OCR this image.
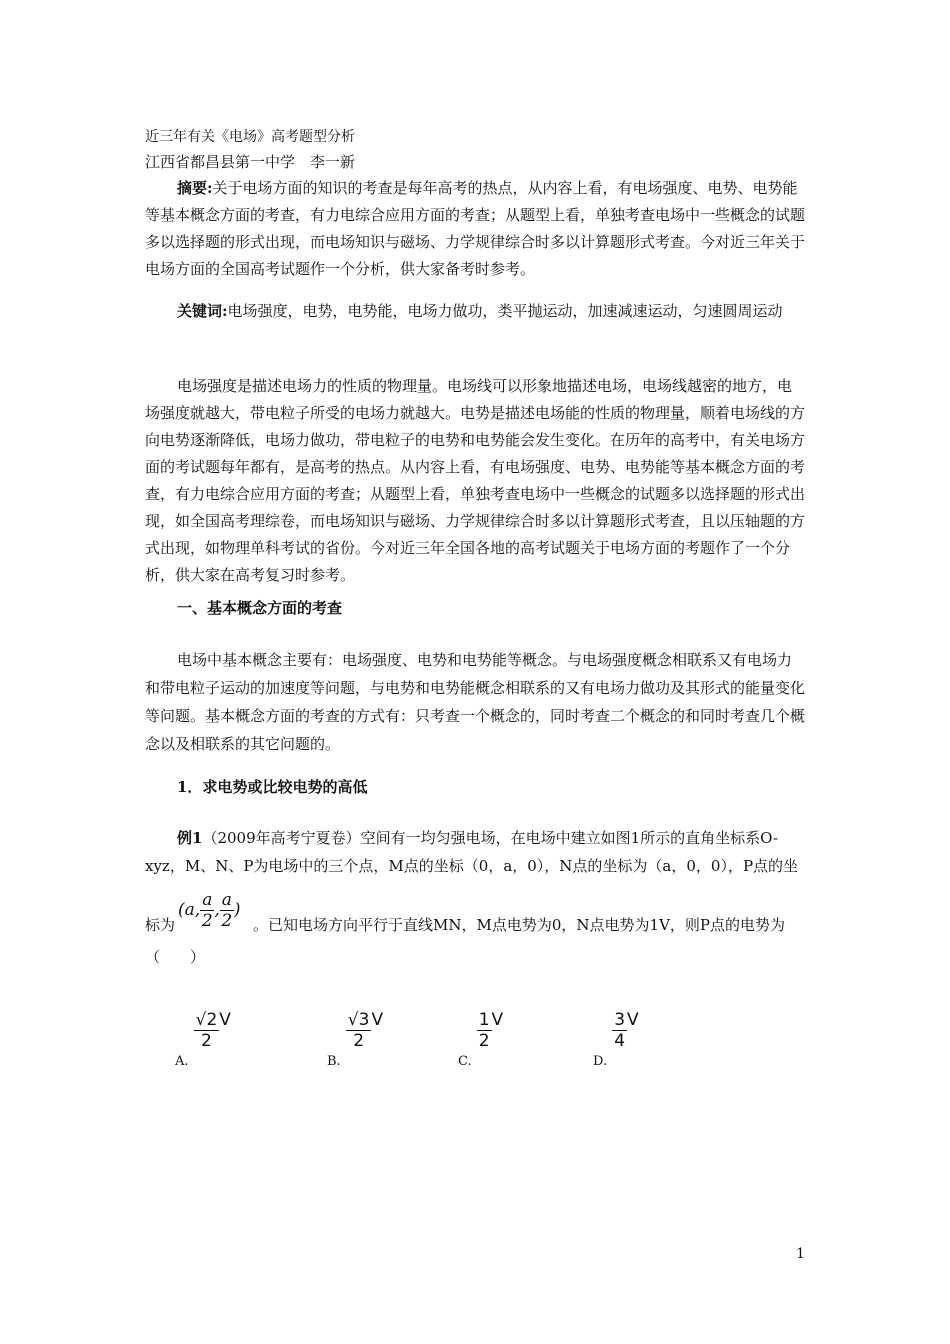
近三年有关《电场》高考题型分析
江西省都昌县第一中学　李一新
摘要:关于电场方面的知识的考查是每年高考的热点，从内容上看，有电场强度、电势、电势能等基本概念方面的考查，有力电综合应用方面的考查；从题型上看，单独考查电场中一些概念的试题多以选择题的形式出现，而电场知识与磁场、力学规律综合时多以计算题形式考查。今对近三年关于电场方面的全国高考试题作一个分析，供大家备考时参考。
关键词:电场强度，电势，电势能，电场力做功，类平抛运动，加速减速运动，匀速圆周运动
电场强度是描述电场力的性质的物理量。电场线可以形象地描述电场，电场线越密的地方，电场强度就越大，带电粒子所受的电场力就越大。电势是描述电场能的性质的物理量，顺着电场线的方向电势逐渐降低，电场力做功，带电粒子的电势和电势能会发生变化。在历年的高考中，有关电场方面的考试题每年都有，是高考的热点。从内容上看，有电场强度、电势、电势能等基本概念方面的考查，有力电综合应用方面的考查；从题型上看，单独考查电场中一些概念的试题多以选择题的形式出现，如全国高考理综卷，而电场知识与磁场、力学规律综合时多以计算题形式考查，且以压轴题的方式出现，如物理单科考试的省份。今对近三年全国各地的高考试题关于电场方面的考题作了一个分析，供大家在高考复习时参考。
一、基本概念方面的考查
电场中基本概念主要有：电场强度、电势和电势能等概念。与电场强度概念相联系又有电场力和带电粒子运动的加速度等问题，与电势和电势能概念相联系的又有电场力做功及其形式的能量变化等问题。基本概念方面的考查的方式有：只考查一个概念的，同时考查二个概念的和同时考查几个概念以及相联系的其它问题的。
1．求电势或比较电势的高低
例1（2009年高考宁夏卷）空间有一均匀强电场，在电场中建立如图1所示的直角坐标系O-xyz，M、N、P为电场中的三个点，M点的坐标（0，a，0），N点的坐标为（a，0，0），P点的坐
(a, $\frac{a}{2}$ , $\frac{a}{2}$ )
标为	。已知电场方向平行于直线MN，M点电势为0，N点电势为1V，则P点的电势为
（　　）
$_{A.}$
$\frac{√2}{2}$ V
$_{B.}$
$\frac{√3}{2}$ V
$_{C.}$
$\frac{1}{2}$ V
$_{D.}$
$\frac{3}{4}$ V
1
